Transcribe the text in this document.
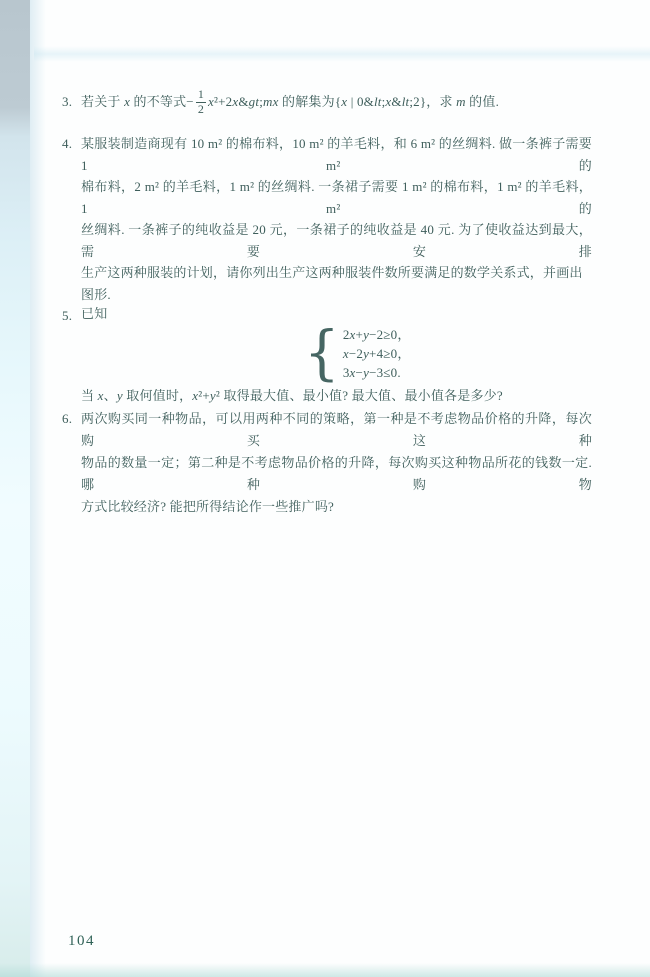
3. 若关于 x 的不等式− $\frac{1}{2}$ x²+2x&gt;mx 的解集为{x | 0&lt;x&lt;2}，求 m 的值.
4. 某服装制造商现有 10 m² 的棉布料，10 m² 的羊毛料，和 6 m² 的丝绸料. 做一条裤子需要 1 m² 的
棉布料，2 m² 的羊毛料，1 m² 的丝绸料. 一条裙子需要 1 m² 的棉布料，1 m² 的羊毛料，1 m² 的
丝绸料. 一条裤子的纯收益是 20 元，一条裙子的纯收益是 40 元. 为了使收益达到最大，需要安排
生产这两种服装的计划，请你列出生产这两种服装件数所要满足的数学关系式，并画出图形.
5. 已知
{ 2x+y−2≥0，
x−2y+4≥0，
3x−y−3≤0.
当 x、y 取何值时，x²+y² 取得最大值、最小值? 最大值、最小值各是多少?
6. 两次购买同一种物品，可以用两种不同的策略，第一种是不考虑物品价格的升降，每次购买这种
物品的数量一定；第二种是不考虑物品价格的升降，每次购买这种物品所花的钱数一定. 哪种购物
方式比较经济? 能把所得结论作一些推广吗?
104
